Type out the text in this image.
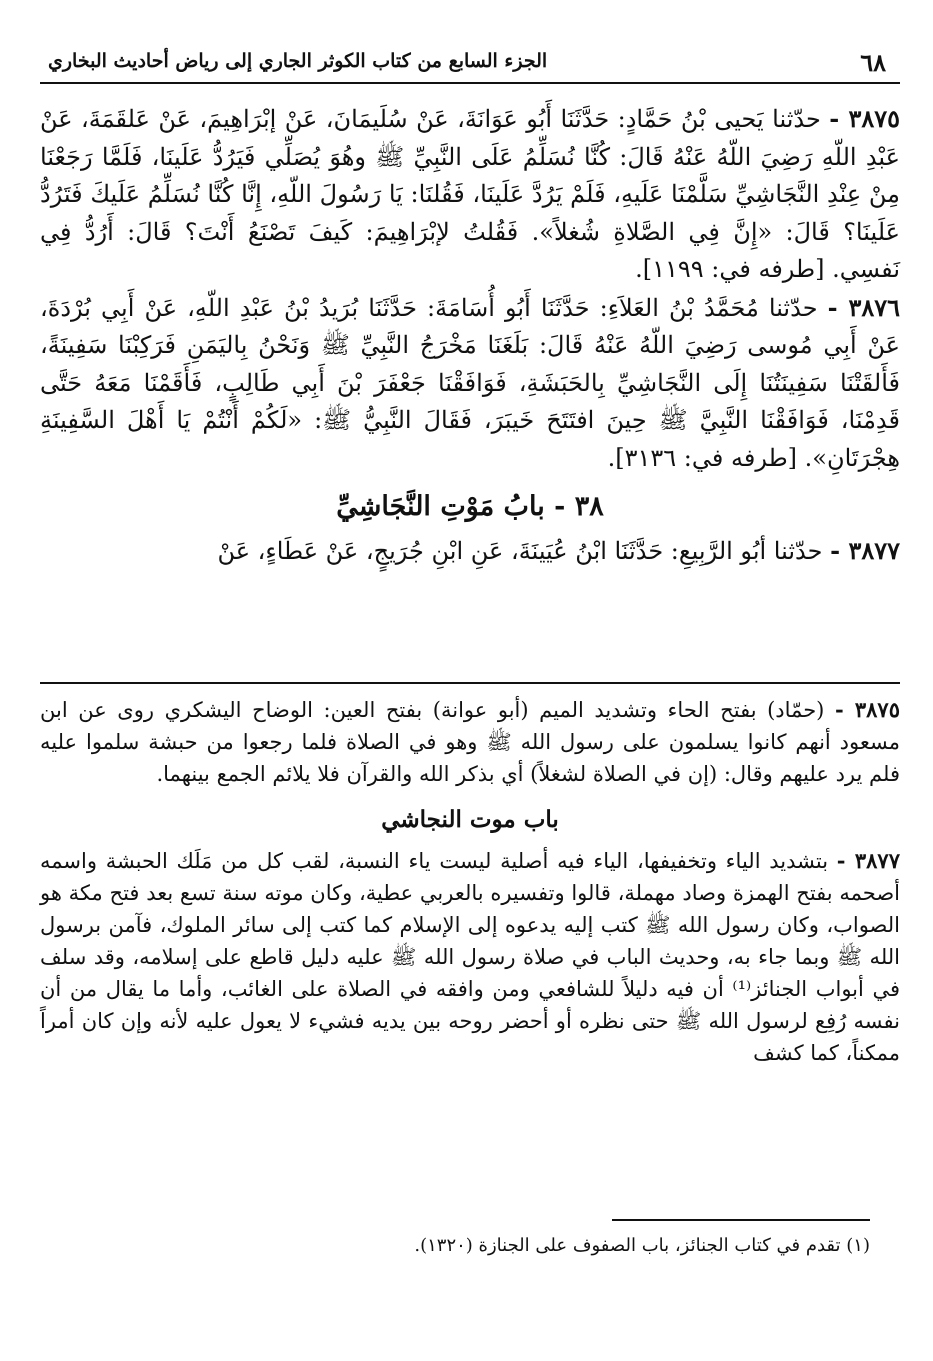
٦٨
الجزء السابع من كتاب الكوثر الجاري إلى رياض أحاديث البخاري

٣٨٧٥ - حدّثنا يَحيى بْنُ حَمَّادٍ: حَدَّثَنَا أَبُو عَوَانَةَ، عَنْ سُلَيمَانَ، عَنْ إبْرَاهِيمَ، عَنْ عَلقَمَةَ، عَنْ عَبْدِ اللّهِ رَضِيَ اللّهُ عَنْهُ قَالَ: كُنَّا نُسَلِّمُ عَلَى النَّبِيِّ ﷺ وهُوَ يُصَلِّي فَيَرُدُّ عَلَينَا، فَلَمَّا رَجَعْنَا مِنْ عِنْدِ النَّجَاشِيِّ سَلَّمْنَا عَلَيهِ، فَلَمْ يَرُدَّ عَلَينَا، فَقُلنَا: يَا رَسُولَ اللّهِ، إِنَّا كُنَّا نُسَلِّمُ عَلَيكَ فَتَرُدُّ عَلَينَا؟ قَالَ: «إِنَّ فِي الصَّلاةِ شُغلاً». فَقُلتُ لإبْرَاهِيمَ: كَيفَ تَصْنَعُ أَنْتَ؟ قَالَ: أَرُدُّ فِي نَفسِي. [طرفه في: ١١٩٩].

٣٨٧٦ - حدّثنا مُحَمَّدُ بْنُ العَلاَءِ: حَدَّثَنَا أَبُو أُسَامَةَ: حَدَّثَنَا بُرَيدُ بْنُ عَبْدِ اللّهِ، عَنْ أَبِي بُرْدَةَ، عَنْ أَبِي مُوسى رَضِيَ اللّهُ عَنْهُ قَالَ: بَلَغَنَا مَخْرَجُ النَّبِيِّ ﷺ وَنَحْنُ بِاليَمَنِ فَرَكِبْنَا سَفِينَةً، فَأَلقَتْنَا سَفِينَتُنَا إِلَى النَّجَاشِيِّ بِالحَبَشَةِ، فَوَافَقْنَا جَعْفَرَ بْنَ أَبِي طَالِبٍ، فَأَقَمْنَا مَعَهُ حَتَّى قَدِمْنَا، فَوَافَقْنَا النَّبِيَّ ﷺ حِينَ افتَتَحَ خَيبَرَ، فَقَالَ النَّبِيُّ ﷺ: «لَكُمْ أَنْتُمْ يَا أَهْلَ السَّفِينَةِ هِجْرَتَانِ». [طرفه في: ٣١٣٦].

٣٨ - بابُ مَوْتِ النَّجَاشِيِّ

٣٨٧٧ - حدّثنا أبُو الرَّبِيعِ: حَدَّثَنَا ابْنُ عُيَينَةَ، عَنِ ابْنِ جُرَيجٍ، عَنْ عَطَاءٍ، عَنْ

٣٨٧٥ - (حمّاد) بفتح الحاء وتشديد الميم (أبو عوانة) بفتح العين: الوضاح اليشكري روى عن ابن مسعود أنهم كانوا يسلمون على رسول الله ﷺ وهو في الصلاة فلما رجعوا من حبشة سلموا عليه فلم يرد عليهم وقال: (إن في الصلاة لشغلاً) أي بذكر الله والقرآن فلا يلائم الجمع بينهما.

باب موت النجاشي

٣٨٧٧ - بتشديد الياء وتخفيفها، الياء فيه أصلية ليست ياء النسبة، لقب كل من مَلَك الحبشة واسمه أصحمه بفتح الهمزة وصاد مهملة، قالوا وتفسيره بالعربي عطية، وكان موته سنة تسع بعد فتح مكة هو الصواب، وكان رسول الله ﷺ كتب إليه يدعوه إلى الإسلام كما كتب إلى سائر الملوك، فآمن برسول الله ﷺ وبما جاء به، وحديث الباب في صلاة رسول الله ﷺ عليه دليل قاطع على إسلامه، وقد سلف في أبواب الجنائز⁽¹⁾ أن فيه دليلاً للشافعي ومن وافقه في الصلاة على الغائب، وأما ما يقال من أن نفسه رُفِع لرسول الله ﷺ حتى نظره أو أحضر روحه بين يديه فشيء لا يعول عليه لأنه وإن كان أمراً ممكناً، كما كشف

(١) تقدم في كتاب الجنائز، باب الصفوف على الجنازة (١٣٢٠).
